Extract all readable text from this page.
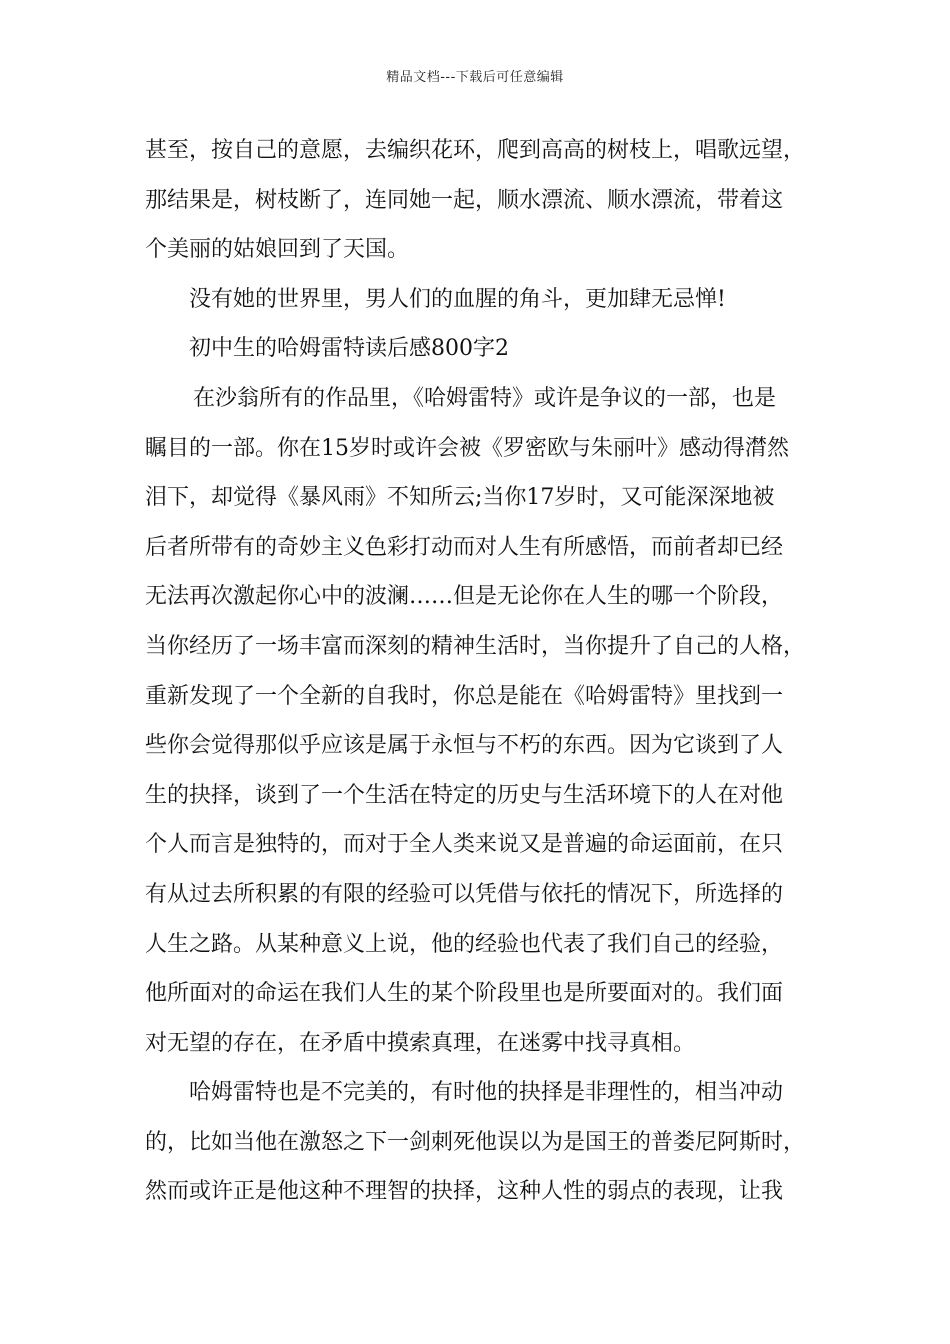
精品文档---下载后可任意编辑
甚至，按自己的意愿，去编织花环，爬到高高的树枝上，唱歌远望，
那结果是，树枝断了，连同她一起，顺水漂流、顺水漂流，带着这
个美丽的姑娘回到了天国。
没有她的世界里，男人们的血腥的角斗，更加肆无忌惮!
初中生的哈姆雷特读后感800字2
在沙翁所有的作品里，《哈姆雷特》或许是争议的一部，也是
瞩目的一部。你在15岁时或许会被《罗密欧与朱丽叶》感动得潸然
泪下，却觉得《暴风雨》不知所云;当你17岁时，又可能深深地被
后者所带有的奇妙主义色彩打动而对人生有所感悟，而前者却已经
无法再次激起你心中的波澜……但是无论你在人生的哪一个阶段，
当你经历了一场丰富而深刻的精神生活时，当你提升了自己的人格，
重新发现了一个全新的自我时，你总是能在《哈姆雷特》里找到一
些你会觉得那似乎应该是属于永恒与不朽的东西。因为它谈到了人
生的抉择，谈到了一个生活在特定的历史与生活环境下的人在对他
个人而言是独特的，而对于全人类来说又是普遍的命运面前，在只
有从过去所积累的有限的经验可以凭借与依托的情况下，所选择的
人生之路。从某种意义上说，他的经验也代表了我们自己的经验，
他所面对的命运在我们人生的某个阶段里也是所要面对的。我们面
对无望的存在，在矛盾中摸索真理，在迷雾中找寻真相。
哈姆雷特也是不完美的，有时他的抉择是非理性的，相当冲动
的，比如当他在激怒之下一剑刺死他误以为是国王的普娄尼阿斯时，
然而或许正是他这种不理智的抉择，这种人性的弱点的表现，让我
